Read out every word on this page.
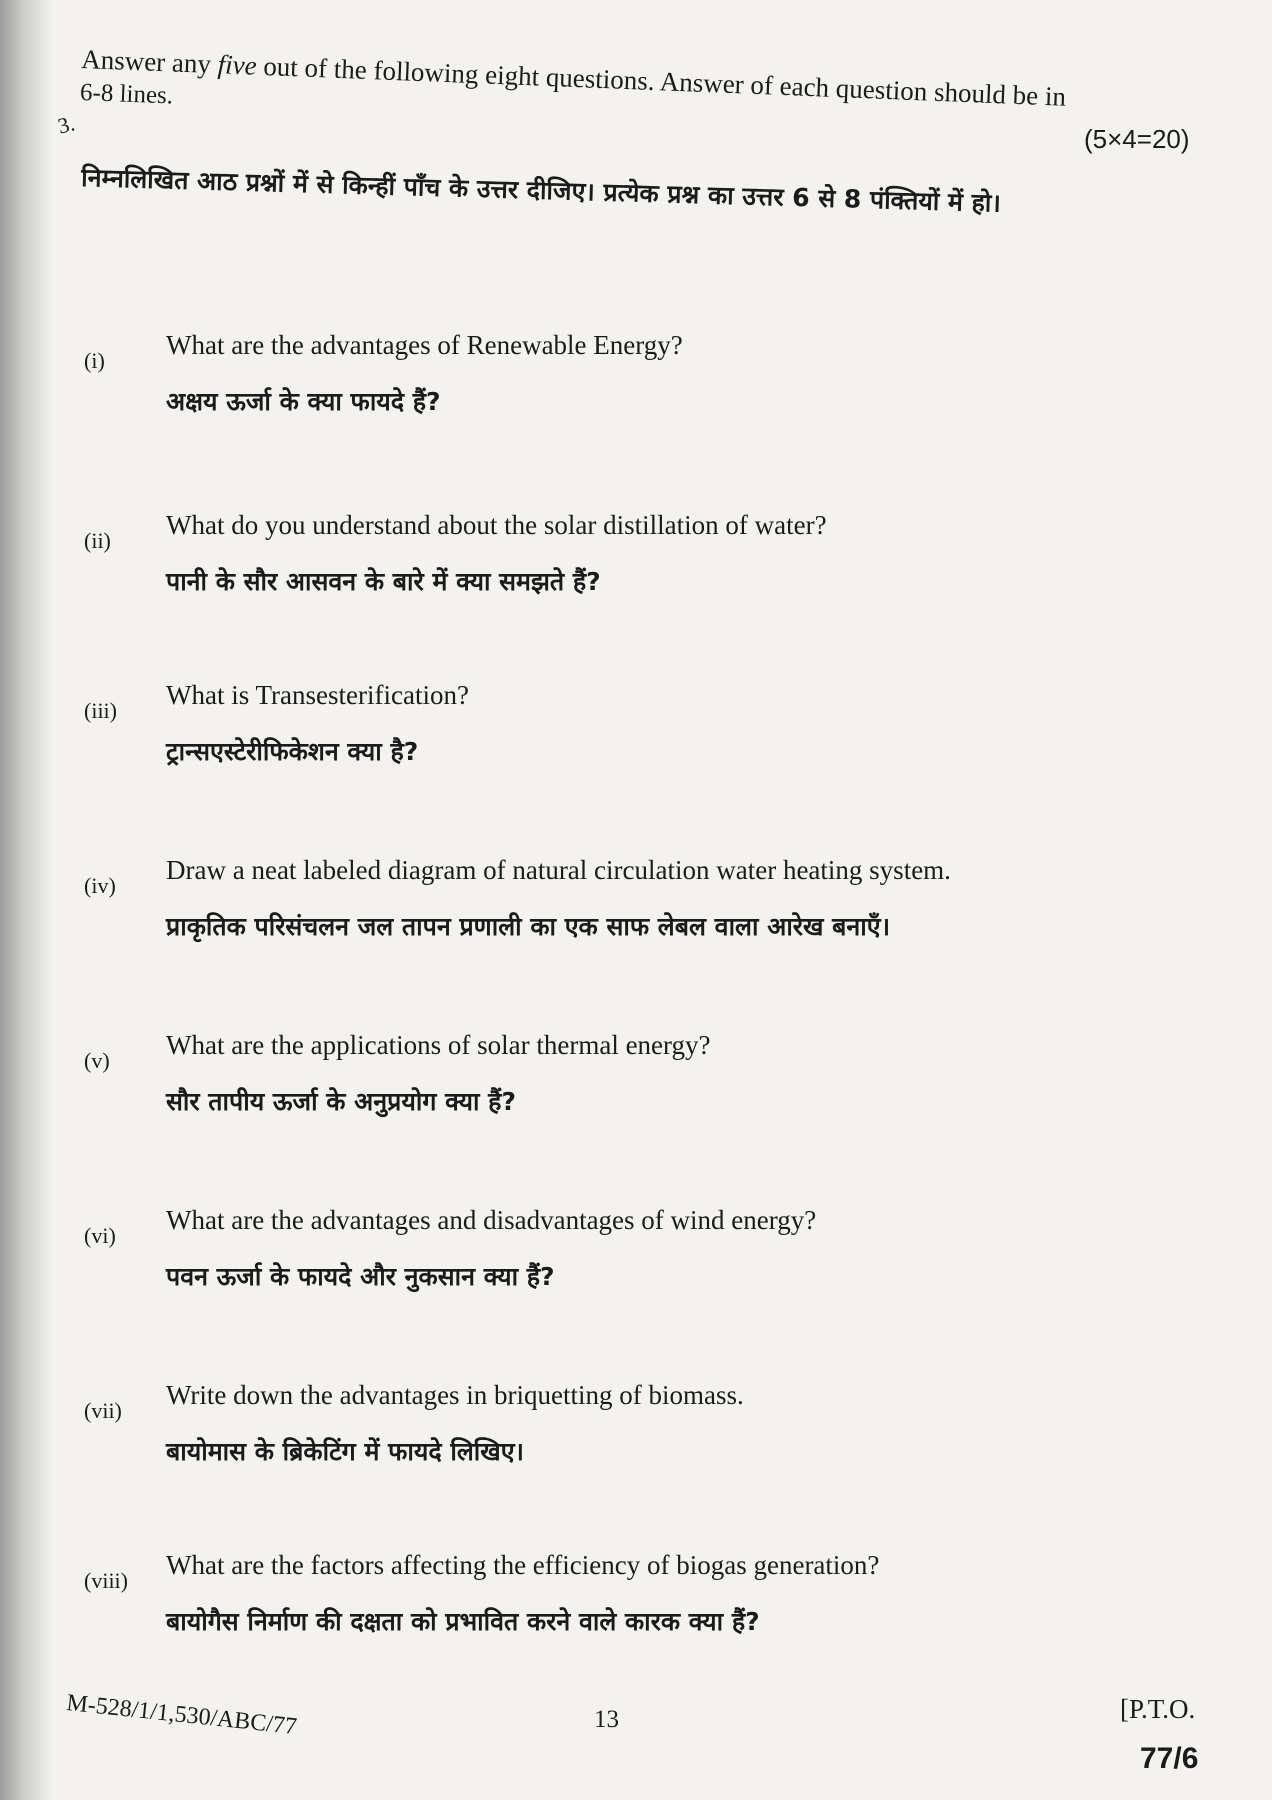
3.
Answer any five out of the following eight questions. Answer of each question should be in
6-8 lines.
(5×4=20)
निम्नलिखित आठ प्रश्नों में से किन्हीं पाँच के उत्तर दीजिए। प्रत्येक प्रश्न का उत्तर 6 से 8 पंक्तियों में हो।
(i)
What are the advantages of Renewable Energy?
अक्षय ऊर्जा के क्या फायदे हैं?
(ii)
What do you understand about the solar distillation of water?
पानी के सौर आसवन के बारे में क्या समझते हैं?
(iii)
What is Transesterification?
ट्रान्सएस्टेरीफिकेशन क्या है?
(iv)
Draw a neat labeled diagram of natural circulation water heating system.
प्राकृतिक परिसंचलन जल तापन प्रणाली का एक साफ लेबल वाला आरेख बनाएँ।
(v)
What are the applications of solar thermal energy?
सौर तापीय ऊर्जा के अनुप्रयोग क्या हैं?
(vi)
What are the advantages and disadvantages of wind energy?
पवन ऊर्जा के फायदे और नुकसान क्या हैं?
(vii)
Write down the advantages in briquetting of biomass.
बायोमास के ब्रिकेटिंग में फायदे लिखिए।
(viii)
What are the factors affecting the efficiency of biogas generation?
बायोगैस निर्माण की दक्षता को प्रभावित करने वाले कारक क्या हैं?
M-528/1/1,530/ABC/77	13	[P.T.O.
77/6
